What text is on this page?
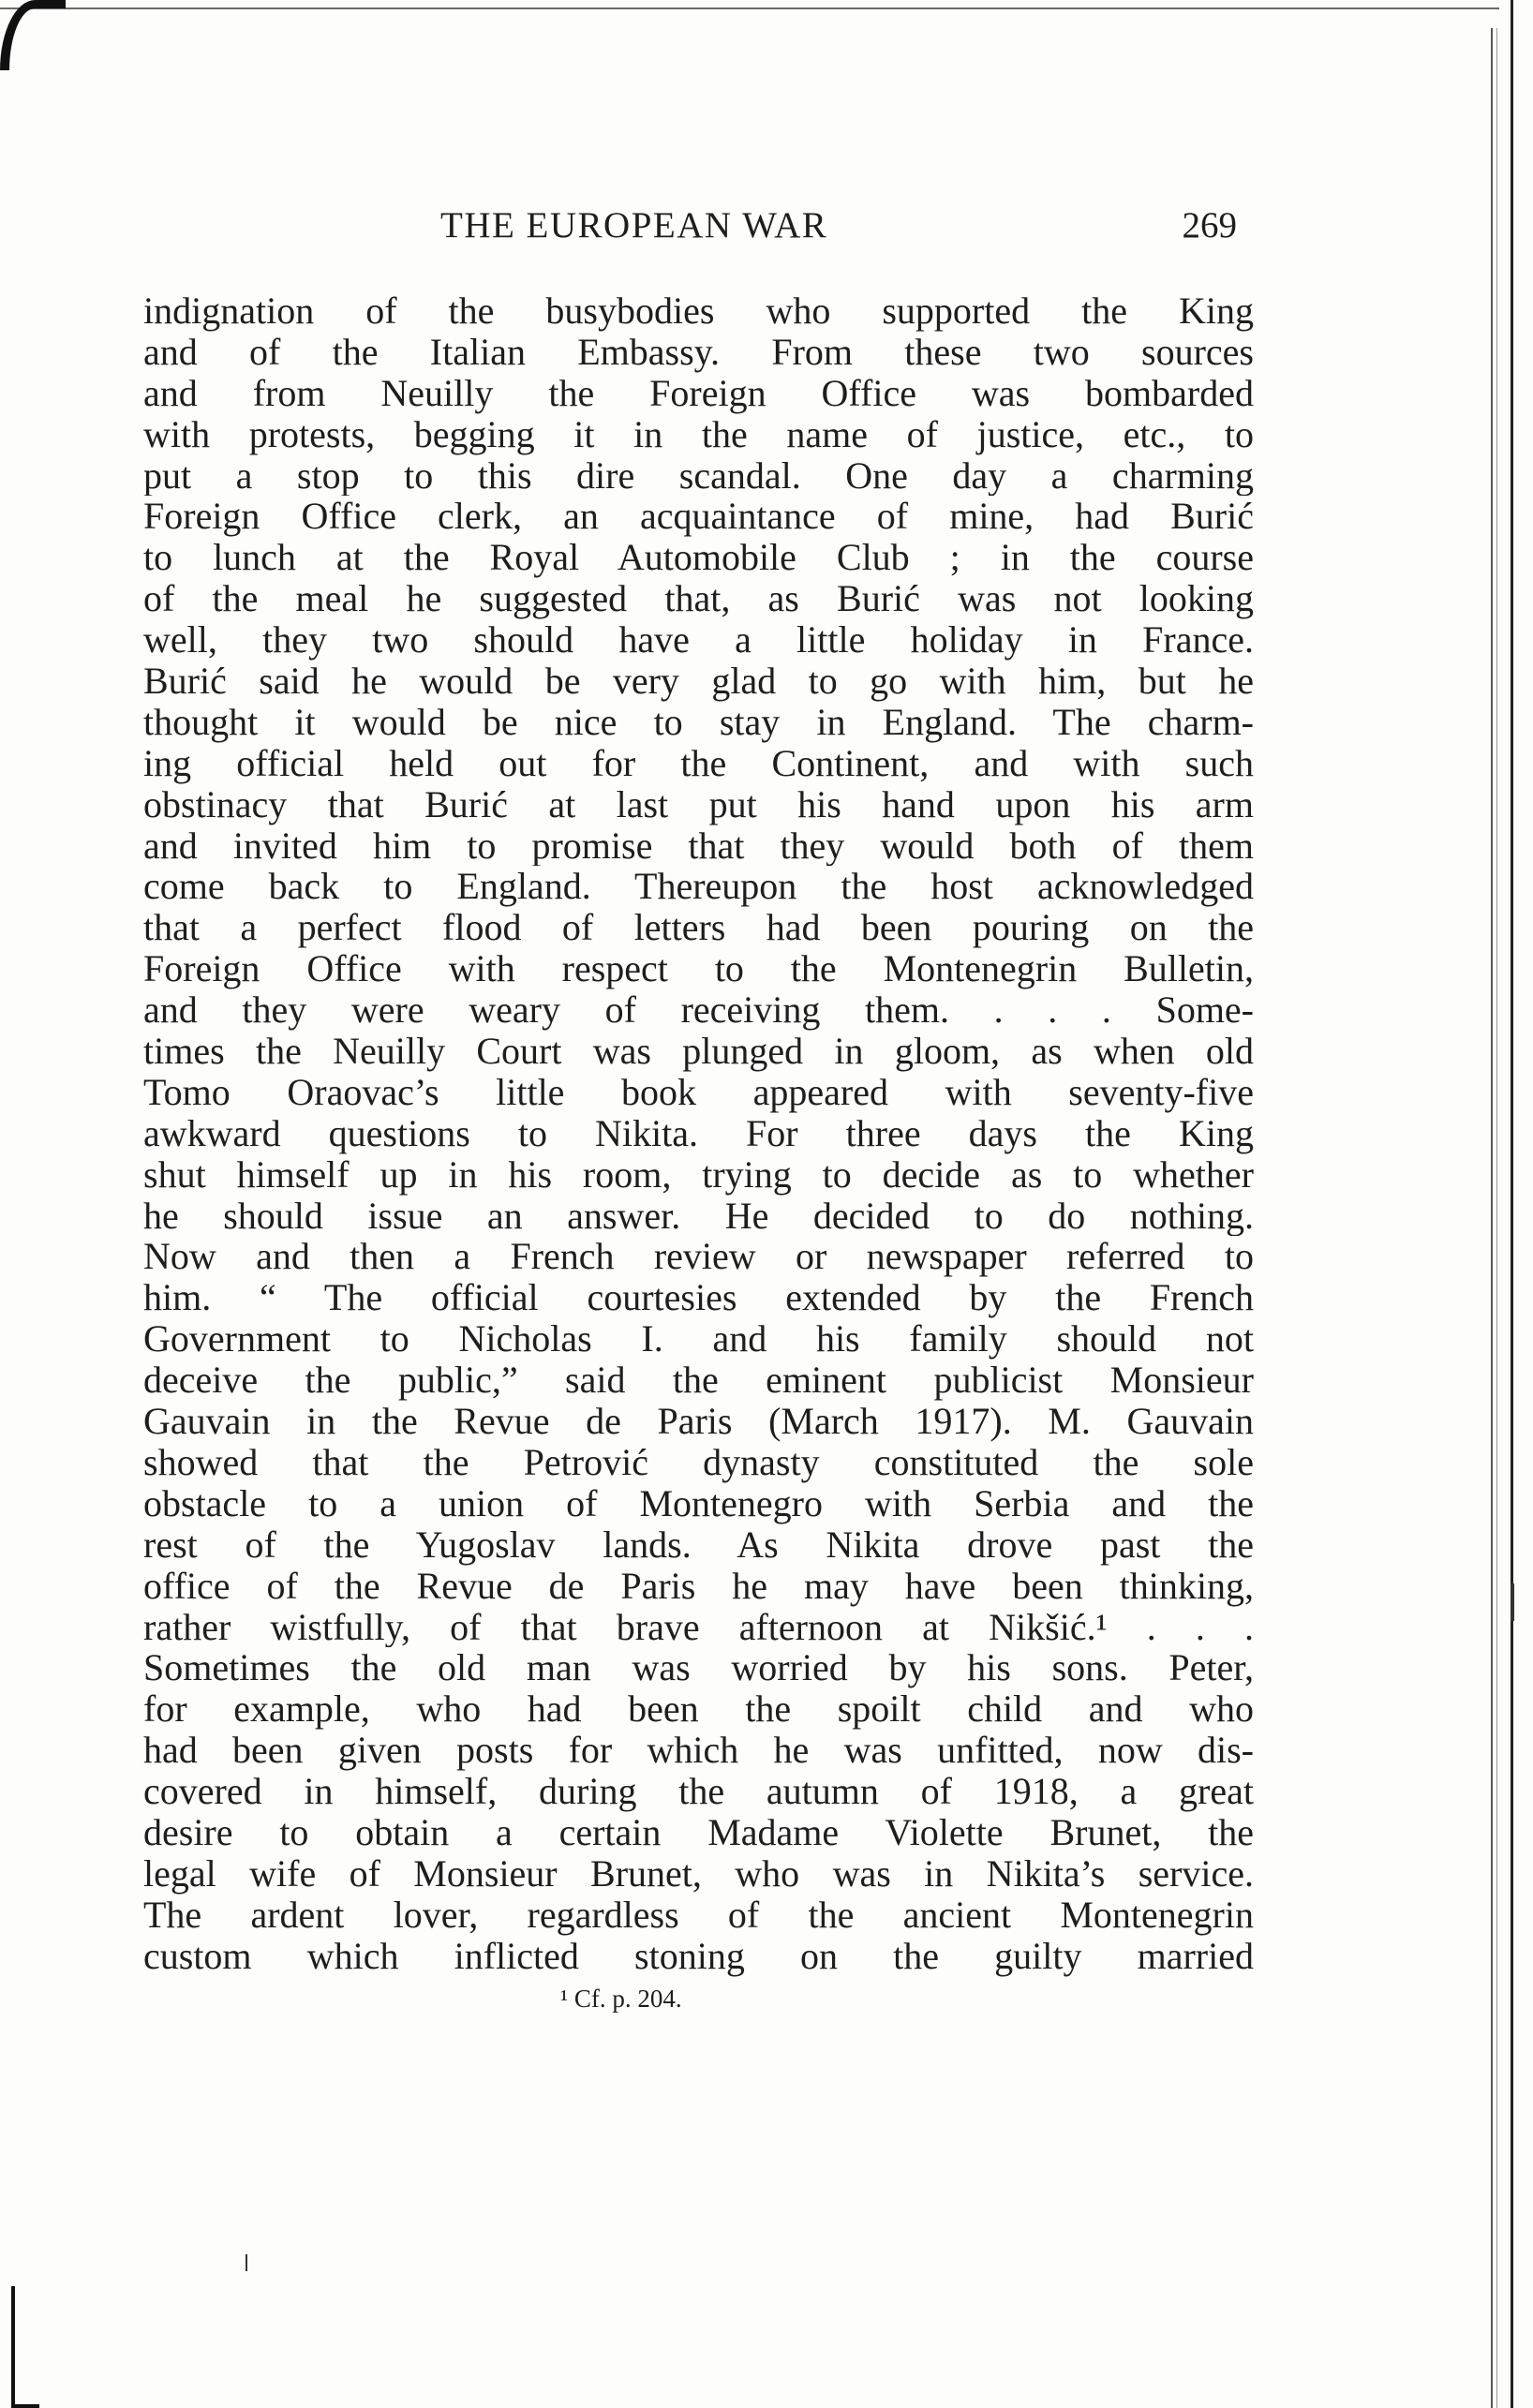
THE EUROPEAN WAR	269
indignation of the busybodies who supported the King
and of the Italian Embassy. From these two sources
and from Neuilly the Foreign Office was bombarded
with protests, begging it in the name of justice, etc., to
put a stop to this dire scandal. One day a charming
Foreign Office clerk, an acquaintance of mine, had Burić
to lunch at the Royal Automobile Club ; in the course
of the meal he suggested that, as Burić was not looking
well, they two should have a little holiday in France.
Burić said he would be very glad to go with him, but he
thought it would be nice to stay in England. The charm-
ing official held out for the Continent, and with such
obstinacy that Burić at last put his hand upon his arm
and invited him to promise that they would both of them
come back to England. Thereupon the host acknowledged
that a perfect flood of letters had been pouring on the
Foreign Office with respect to the Montenegrin Bulletin,
and they were weary of receiving them. . . . Some-
times the Neuilly Court was plunged in gloom, as when old
Tomo Oraovac’s little book appeared with seventy-five
awkward questions to Nikita. For three days the King
shut himself up in his room, trying to decide as to whether
he should issue an answer. He decided to do nothing.
Now and then a French review or newspaper referred to
him. “ The official courtesies extended by the French
Government to Nicholas I. and his family should not
deceive the public,” said the eminent publicist Monsieur
Gauvain in the Revue de Paris (March 1917). M. Gauvain
showed that the Petrović dynasty constituted the sole
obstacle to a union of Montenegro with Serbia and the
rest of the Yugoslav lands. As Nikita drove past the
office of the Revue de Paris he may have been thinking,
rather wistfully, of that brave afternoon at Nikšić.¹ . . .
Sometimes the old man was worried by his sons. Peter,
for example, who had been the spoilt child and who
had been given posts for which he was unfitted, now dis-
covered in himself, during the autumn of 1918, a great
desire to obtain a certain Madame Violette Brunet, the
legal wife of Monsieur Brunet, who was in Nikita’s service.
The ardent lover, regardless of the ancient Montenegrin
custom which inflicted stoning on the guilty married
¹ Cf. p. 204.
